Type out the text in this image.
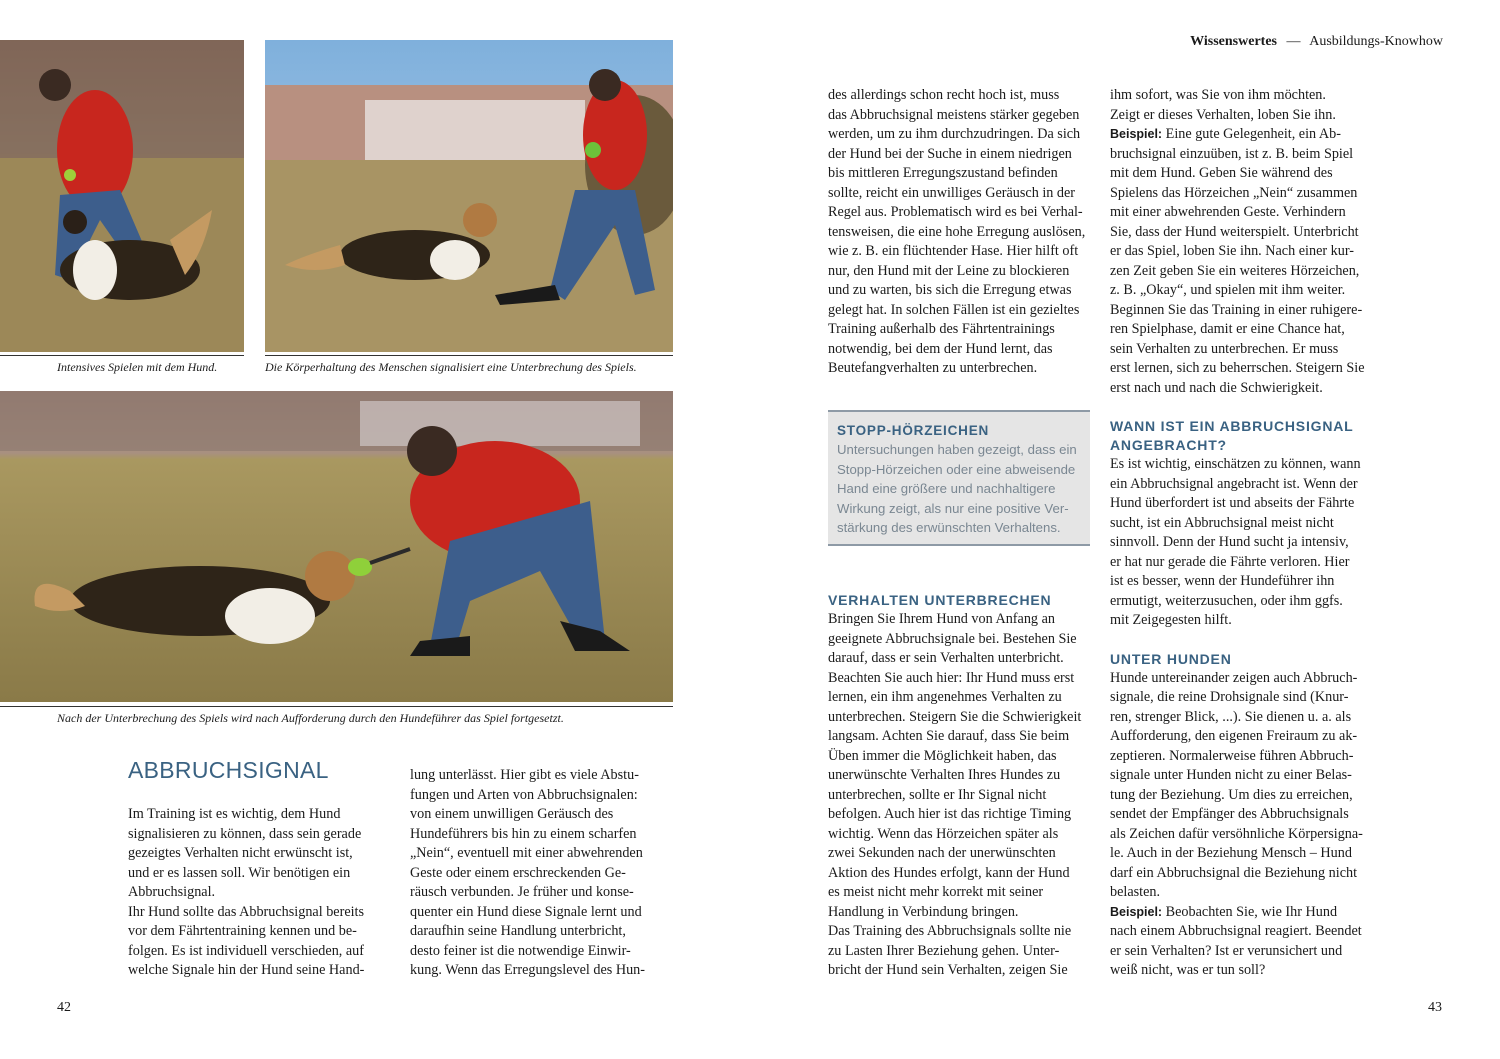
Wissenswertes — Ausbildungs-Knowhow
Intensives Spielen mit dem Hund.	Die Körperhaltung des Menschen signalisiert eine Unterbrechung des Spiels.
Nach der Unterbrechung des Spiels wird nach Aufforderung durch den Hundeführer das Spiel fortgesetzt.
ABBRUCHSIGNAL

Im Training ist es wichtig, dem Hund
signalisieren zu können, dass sein gerade
gezeigtes Verhalten nicht erwünscht ist,
und er es lassen soll. Wir benötigen ein
Abbruchsignal.
Ihr Hund sollte das Abbruchsignal bereits
vor dem Fährtentraining kennen und be-
folgen. Es ist individuell verschieden, auf
welche Signale hin der Hund seine Hand-

lung unterlässt. Hier gibt es viele Abstu-
fungen und Arten von Abbruchsignalen:
von einem unwilligen Geräusch des
Hundeführers bis hin zu einem scharfen
„Nein“, eventuell mit einer abwehrenden
Geste oder einem erschreckenden Ge-
räusch verbunden. Je früher und konse-
quenter ein Hund diese Signale lernt und
daraufhin seine Handlung unterbricht,
desto feiner ist die notwendige Einwir-
kung. Wenn das Erregungslevel des Hun-

42

des allerdings schon recht hoch ist, muss
das Abbruchsignal meistens stärker gegeben
werden, um zu ihm durchzudringen. Da sich
der Hund bei der Suche in einem niedrigen
bis mittleren Erregungszustand befinden
sollte, reicht ein unwilliges Geräusch in der
Regel aus. Problematisch wird es bei Verhal-
tensweisen, die eine hohe Erregung auslösen,
wie z. B. ein flüchtender Hase. Hier hilft oft
nur, den Hund mit der Leine zu blockieren
und zu warten, bis sich die Erregung etwas
gelegt hat. In solchen Fällen ist ein gezieltes
Training außerhalb des Fährtentrainings
notwendig, bei dem der Hund lernt, das
Beutefangverhalten zu unterbrechen.

STOPP-HÖRZEICHEN
Untersuchungen haben gezeigt, dass ein
Stopp-Hörzeichen oder eine abweisende
Hand eine größere und nachhaltigere
Wirkung zeigt, als nur eine positive Ver-
stärkung des erwünschten Verhaltens.

VERHALTEN UNTERBRECHEN

Bringen Sie Ihrem Hund von Anfang an
geeignete Abbruchsignale bei. Bestehen Sie
darauf, dass er sein Verhalten unterbricht.
Beachten Sie auch hier: Ihr Hund muss erst
lernen, ein ihm angenehmes Verhalten zu
unterbrechen. Steigern Sie die Schwierigkeit
langsam. Achten Sie darauf, dass Sie beim
Üben immer die Möglichkeit haben, das
unerwünschte Verhalten Ihres Hundes zu
unterbrechen, sollte er Ihr Signal nicht
befolgen. Auch hier ist das richtige Timing
wichtig. Wenn das Hörzeichen später als
zwei Sekunden nach der unerwünschten
Aktion des Hundes erfolgt, kann der Hund
es meist nicht mehr korrekt mit seiner
Handlung in Verbindung bringen.
Das Training des Abbruchsignals sollte nie
zu Lasten Ihrer Beziehung gehen. Unter-
bricht der Hund sein Verhalten, zeigen Sie

ihm sofort, was Sie von ihm möchten.
Zeigt er dieses Verhalten, loben Sie ihn.

Beispiel: Eine gute Gelegenheit, ein Ab-
bruchsignal einzuüben, ist z. B. beim Spiel
mit dem Hund. Geben Sie während des
Spielens das Hörzeichen „Nein“ zusammen
mit einer abwehrenden Geste. Verhindern
Sie, dass der Hund weiterspielt. Unterbricht
er das Spiel, loben Sie ihn. Nach einer kur-
zen Zeit geben Sie ein weiteres Hörzeichen,
z. B. „Okay“, und spielen mit ihm weiter.
Beginnen Sie das Training in einer ruhigere-
ren Spielphase, damit er eine Chance hat,
sein Verhalten zu unterbrechen. Er muss
erst lernen, sich zu beherrschen. Steigern Sie
erst nach und nach die Schwierigkeit.

WANN IST EIN ABBRUCHSIGNAL
ANGEBRACHT?

Es ist wichtig, einschätzen zu können, wann
ein Abbruchsignal angebracht ist. Wenn der
Hund überfordert ist und abseits der Fährte
sucht, ist ein Abbruchsignal meist nicht
sinnvoll. Denn der Hund sucht ja intensiv,
er hat nur gerade die Fährte verloren. Hier
ist es besser, wenn der Hundeführer ihn
ermutigt, weiterzusuchen, oder ihm ggfs.
mit Zeigegesten hilft.

UNTER HUNDEN

Hunde untereinander zeigen auch Abbruch-
signale, die reine Drohsignale sind (Knur-
ren, strenger Blick, ...). Sie dienen u. a. als
Aufforderung, den eigenen Freiraum zu ak-
zeptieren. Normalerweise führen Abbruch-
signale unter Hunden nicht zu einer Belas-
tung der Beziehung. Um dies zu erreichen,
sendet der Empfänger des Abbruchsignals
als Zeichen dafür versöhnliche Körpersigna-
le. Auch in der Beziehung Mensch – Hund
darf ein Abbruchsignal die Beziehung nicht
belasten.

Beispiel: Beobachten Sie, wie Ihr Hund
nach einem Abbruchsignal reagiert. Beendet
er sein Verhalten? Ist er verunsichert und
weiß nicht, was er tun soll?

43
